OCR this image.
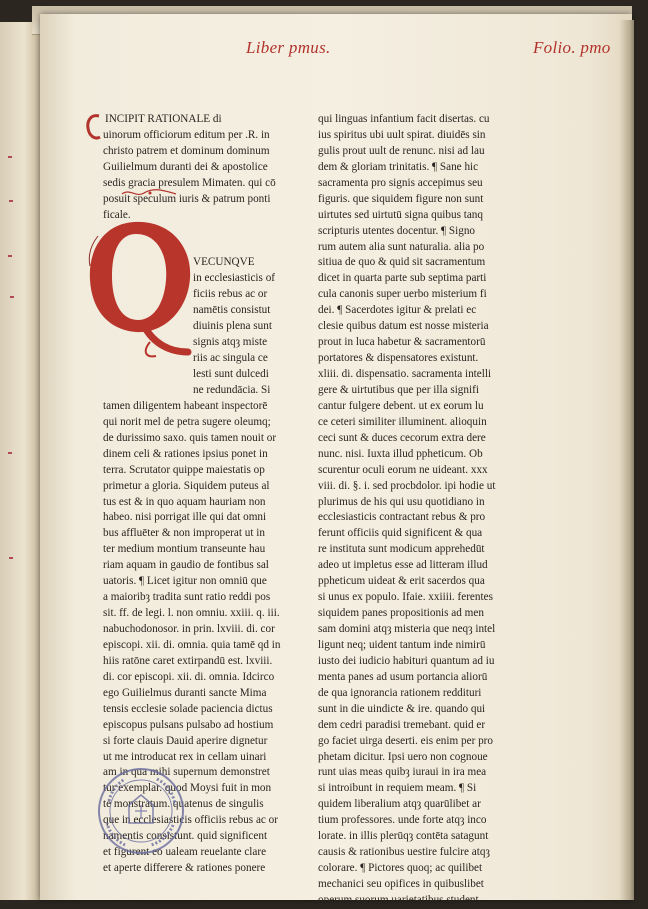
Liber pmus.	Folio. pmo
INCIPIT RATIONALE di
uinorum officiorum editum per .R. in
christo patrem et dominum dominum
Guilielmum duranti dei & apostolice
sedis gracia presulem Mimaten. qui cō
posuit speculum iuris & patrum ponti
ficale.
VECUNQVE
in ecclesiasticis of
ficiis rebus ac or
namētis consistut
diuinis plena sunt
signis atqȝ miste
riis ac singula ce
lesti sunt dulcedi
ne redundācia. Si
tamen diligentem habeant inspectorē
qui norit mel de petra sugere oleumq;
de durissimo saxo. quis tamen nouit or
dinem celi & rationes ipsius ponet in
terra. Scrutator quippe maiestatis op
primetur a gloria. Siquidem puteus al
tus est & in quo aquam hauriam non
habeo. nisi porrigat ille qui dat omni
bus affluēter & non improperat ut in
ter medium montium transeunte hau
riam aquam in gaudio de fontibus sal
uatoris. ¶ Licet igitur non omniū que
a maioribȝ tradita sunt ratio reddi pos
sit. ff. de legi. l. non omniu. xxiii. q. iii.
nabuchodonosor. in prin. lxviii. di. cor
episcopi. xii. di. omnia. quia tamē qd in
hiis ratōne caret extirpandū est. lxviii.
di. cor episcopi. xii. di. omnia. Idcirco
ego Guilielmus duranti sancte Mima
tensis ecclesie solade paciencia dictus
episcopus pulsans pulsabo ad hostium
si forte clauis Dauid aperire dignetur
ut me introducat rex in cellam uinari
am in qua mihi supernum demonstret
tur exemplar. quod Moysi fuit in mon
te monstratum. quatenus de singulis
que in ecclesiasticis officiis rebus ac or
namentis consistunt. quid significent
et figurent eo ualeam reuelante clare
et aperte differere & rationes ponere
qui linguas infantium facit disertas. cu
ius spiritus ubi uult spirat. diuidēs sin
gulis prout uult de renunc. nisi ad lau
dem & gloriam trinitatis. ¶ Sane hic
sacramenta pro signis accepimus seu
figuris. que siquidem figure non sunt
uirtutes sed uirtutū signa quibus tanq
scripturis utentes docentur. ¶ Signo
rum autem alia sunt naturalia. alia po
sitiua de quo & quid sit sacramentum
dicet in quarta parte sub septima parti
cula canonis super uerbo misterium fi
dei. ¶ Sacerdotes igitur & prelati ec
clesie quibus datum est nosse misteria
prout in luca habetur & sacramentorū
portatores & dispensatores existunt.
xliii. di. dispensatio. sacramenta intelli
gere & uirtutibus que per illa signifi
cantur fulgere debent. ut ex eorum lu
ce ceteri similiter illuminent. alioquin
ceci sunt & duces cecorum extra dere
nunc. nisi. Iuxta illud ppheticum. Ob
scurentur oculi eorum ne uideant. xxx
viii. di. §. i. sed procbdolor. ipi hodie ut
plurimus de his qui usu quotidiano in
ecclesiasticis contractant rebus & pro
ferunt officiis quid significent & qua
re instituta sunt modicum apprehedūt
adeo ut impletus esse ad litteram illud
ppheticum uideat & erit sacerdos qua
si unus ex populo. Ifaie. xxiiii. ferentes
siquidem panes propositionis ad men
sam domini atqȝ misteria que neqȝ intel
ligunt neq; uident tantum inde nimirū
iusto dei iudicio habituri quantum ad iu
menta panes ad usum portancia aliorū
de qua ignorancia rationem reddituri
sunt in die uindicte & ire. quando qui
dem cedri paradisi tremebant. quid er
go faciet uirga deserti. eis enim per pro
phetam dicitur. Ipsi uero non cognoue
runt uias meas quibȝ iuraui in ira mea
si introibunt in requiem meam. ¶ Si
quidem liberalium atqȝ quarūlibet ar
tium professores. unde forte atqȝ inco
lorate. in illis plerūqȝ contēta satagunt
causis & rationibus uestire fulcire atqȝ
colorare. ¶ Pictores quoq; ac quilibet
mechanici seu opifices in quibuslibet
operum suorum uarietatibus student
